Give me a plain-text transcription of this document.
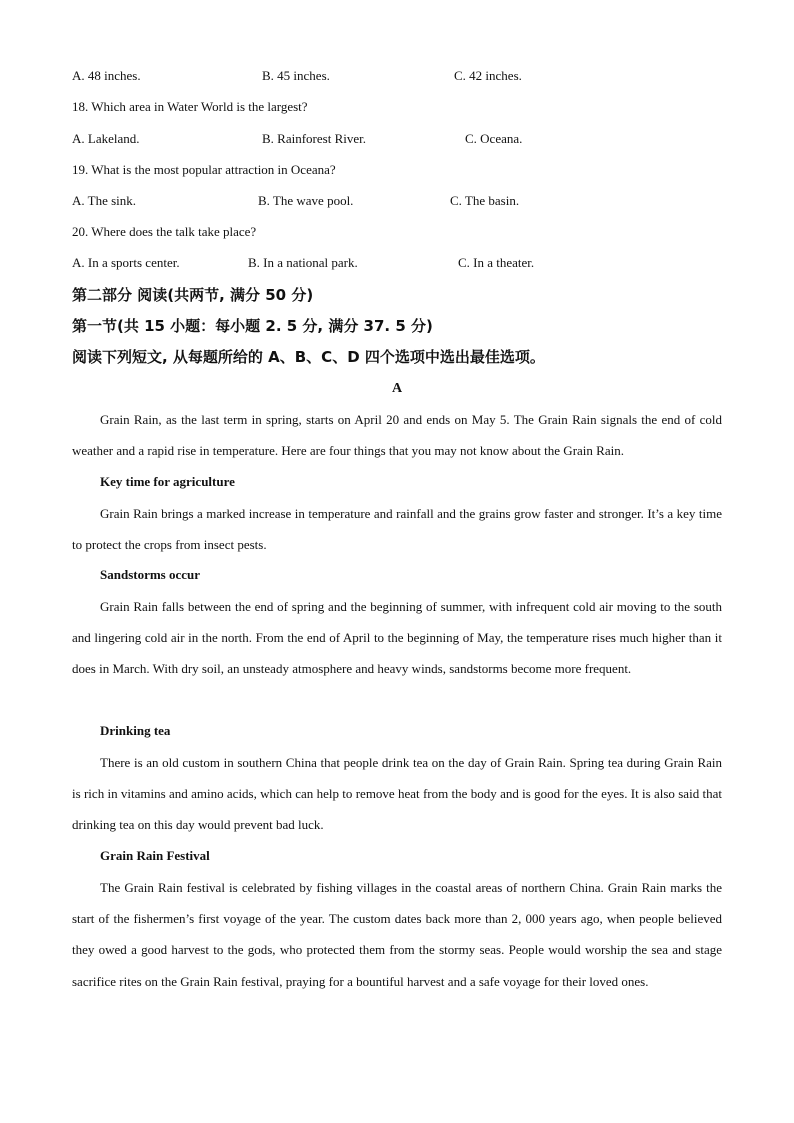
A. 48 inches.	B. 45 inches.	C. 42 inches.
18. Which area in Water World is the largest?
A. Lakeland.	B. Rainforest River.	C. Oceana.
19. What is the most popular attraction in Oceana?
A. The sink.	B. The wave pool.	C. The basin.
20. Where does the talk take place?
A. In a sports center.	B. In a national park.	C. In a theater.
第二部分 阅读(共两节, 满分 50 分)
第一节(共 15 小题：每小题 2. 5 分, 满分 37. 5 分)
阅读下列短文, 从每题所给的 A、B、C、D 四个选项中选出最佳选项。
A

Grain Rain, as the last term in spring, starts on April 20 and ends on May 5. The Grain Rain signals the end of cold weather and a rapid rise in temperature. Here are four things that you may not know about the Grain Rain.

Key time for agriculture

Grain Rain brings a marked increase in temperature and rainfall and the grains grow faster and stronger. It’s a key time to protect the crops from insect pests.

Sandstorms occur

Grain Rain falls between the end of spring and the beginning of summer, with infrequent cold air moving to the south and lingering cold air in the north. From the end of April to the beginning of May, the temperature rises much higher than it does in March. With dry soil, an unsteady atmosphere and heavy winds, sandstorms become more frequent.

Drinking tea

There is an old custom in southern China that people drink tea on the day of Grain Rain. Spring tea during Grain Rain is rich in vitamins and amino acids, which can help to remove heat from the body and is good for the eyes. It is also said that drinking tea on this day would prevent bad luck.

Grain Rain Festival

The Grain Rain festival is celebrated by fishing villages in the coastal areas of northern China. Grain Rain marks the start of the fishermen’s first voyage of the year. The custom dates back more than 2, 000 years ago, when people believed they owed a good harvest to the gods, who protected them from the stormy seas. People would worship the sea and stage sacrifice rites on the Grain Rain festival, praying for a bountiful harvest and a safe voyage for their loved ones.
